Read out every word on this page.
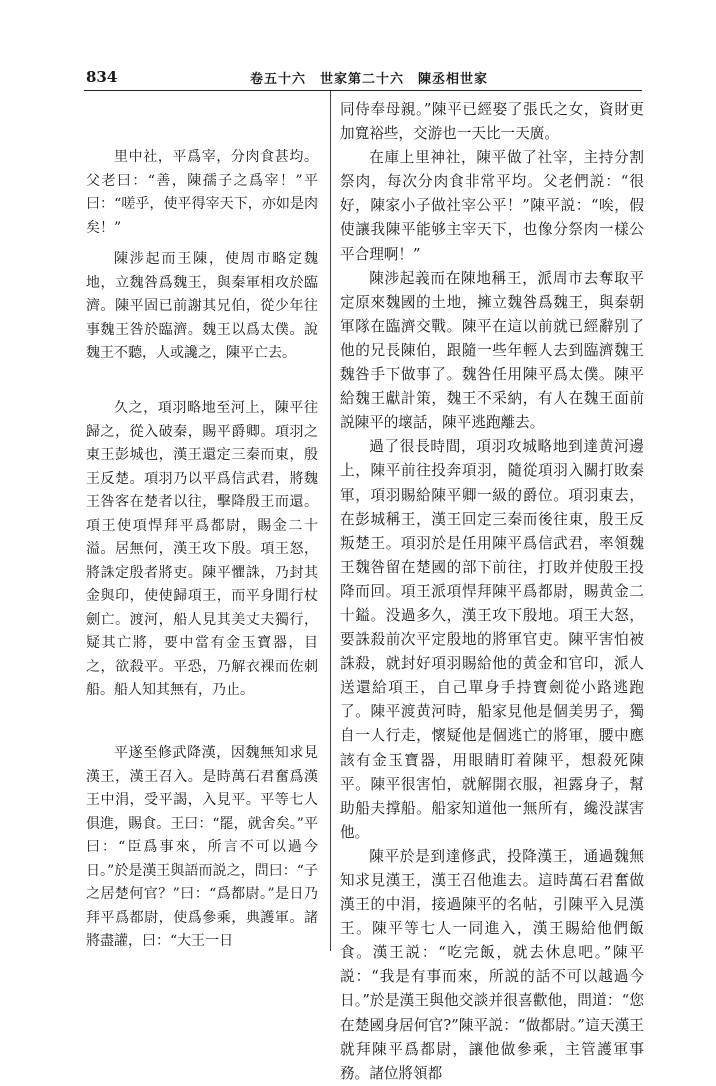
834	卷五十六　世家第二十六　陳丞相世家

里中社，平爲宰，分肉食甚均。父老曰：“善，陳孺子之爲宰！”平曰：“嗟乎，使平得宰天下，亦如是肉矣！”

陳涉起而王陳，使周市略定魏地，立魏咎爲魏王，與秦軍相攻於臨濟。陳平固已前謝其兄伯，從少年往事魏王咎於臨濟。魏王以爲太僕。說魏王不聽，人或讒之，陳平亡去。

久之，項羽略地至河上，陳平往歸之，從入破秦，賜平爵卿。項羽之東王彭城也，漢王還定三秦而東，殷王反楚。項羽乃以平爲信武君，將魏王咎客在楚者以往，擊降殷王而還。項王使項悍拜平爲都尉，賜金二十溢。居無何，漢王攻下殷。項王怒，將誅定殷者將吏。陳平懼誅，乃封其金與印，使使歸項王，而平身閒行杖劍亡。渡河，船人見其美丈夫獨行，疑其亡將，要中當有金玉寶器，目之，欲殺平。平恐，乃解衣裸而佐刺船。船人知其無有，乃止。

平遂至修武降漢，因魏無知求見漢王，漢王召入。是時萬石君奮爲漢王中涓，受平謁，入見平。平等七人俱進，賜食。王曰：“罷，就舍矣。”平曰：“臣爲事來，所言不可以過今日。”於是漢王與語而説之，問曰：“子之居楚何官？”曰：“爲都尉。”是日乃拜平爲都尉，使爲參乘，典護軍。諸將盡讙，曰：“大王一日

同侍奉母親。”陳平已經娶了張氏之女，資財更加寬裕些，交游也一天比一天廣。

在庫上里神社，陳平做了社宰，主持分割祭肉，每次分肉食非常平均。父老們説：“很好，陳家小子做社宰公平！”陳平説：“唉，假使讓我陳平能够主宰天下，也像分祭肉一樣公平合理啊！”

陳涉起義而在陳地稱王，派周市去奪取平定原來魏國的土地，擁立魏咎爲魏王，與秦朝軍隊在臨濟交戰。陳平在這以前就已經辭别了他的兄長陳伯，跟隨一些年輕人去到臨濟魏王魏咎手下做事了。魏咎任用陳平爲太僕。陳平給魏王獻計策，魏王不采納，有人在魏王面前説陳平的壞話，陳平逃跑離去。

過了很長時間，項羽攻城略地到達黄河邊上，陳平前往投奔項羽，隨從項羽入關打敗秦軍，項羽賜給陳平卿一級的爵位。項羽東去，在彭城稱王，漢王回定三秦而後往東，殷王反叛楚王。項羽於是任用陳平爲信武君，率領魏王魏咎留在楚國的部下前往，打敗并使殷王投降而回。項王派項悍拜陳平爲都尉，賜黄金二十鎰。没過多久，漢王攻下殷地。項王大怒，要誅殺前次平定殷地的將軍官吏。陳平害怕被誅殺，就封好項羽賜給他的黄金和官印，派人送還給項王，自己單身手持寶劍從小路逃跑了。陳平渡黄河時，船家見他是個美男子，獨自一人行走，懷疑他是個逃亡的將軍，腰中應該有金玉寶器，用眼睛盯着陳平，想殺死陳平。陳平很害怕，就解開衣服，袒露身子，幫助船夫撑船。船家知道他一無所有，纔没謀害他。

陳平於是到達修武，投降漢王，通過魏無知求見漢王，漢王召他進去。這時萬石君奮做漢王的中涓，接過陳平的名帖，引陳平入見漢王。陳平等七人一同進入，漢王賜給他們飯食。漢王説：“吃完飯，就去休息吧。”陳平説：“我是有事而來，所説的話不可以越過今日。”於是漢王與他交談并很喜歡他，問道：“您在楚國身居何官?”陳平説：“做都尉。”這天漢王就拜陳平爲都尉，讓他做參乘，主管護軍事務。諸位將領都
